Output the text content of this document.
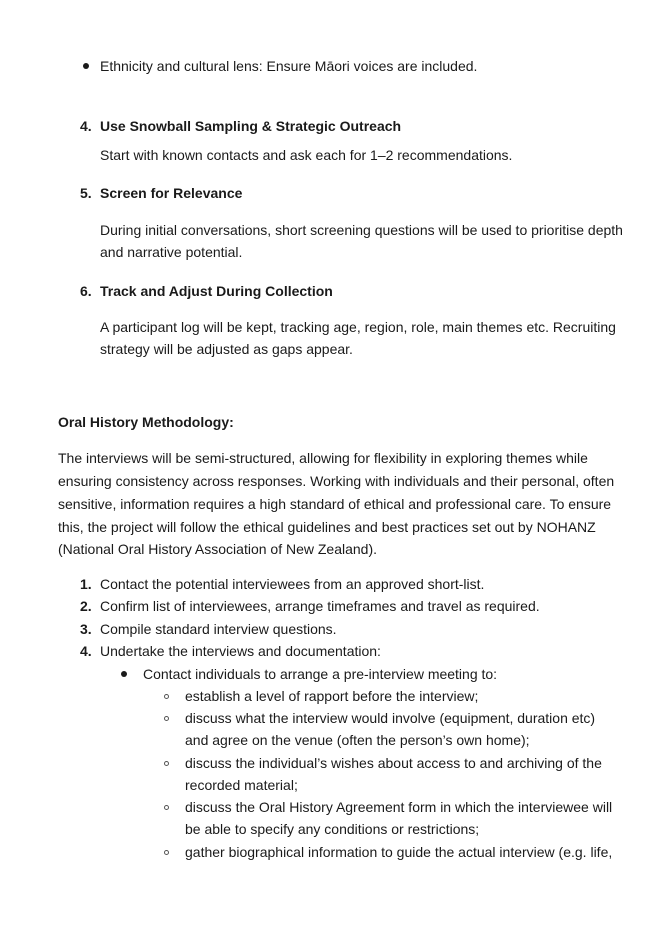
Ethnicity and cultural lens: Ensure Māori voices are included.
4. Use Snowball Sampling & Strategic Outreach
Start with known contacts and ask each for 1–2 recommendations.
5. Screen for Relevance
During initial conversations, short screening questions will be used to prioritise depth
and narrative potential.
6. Track and Adjust During Collection
A participant log will be kept, tracking age, region, role, main themes etc. Recruiting
strategy will be adjusted as gaps appear.
Oral History Methodology:
The interviews will be semi-structured, allowing for flexibility in exploring themes while
ensuring consistency across responses. Working with individuals and their personal, often
sensitive, information requires a high standard of ethical and professional care. To ensure
this, the project will follow the ethical guidelines and best practices set out by NOHANZ
(National Oral History Association of New Zealand).
1. Contact the potential interviewees from an approved short-list.
2. Confirm list of interviewees, arrange timeframes and travel as required.
3. Compile standard interview questions.
4. Undertake the interviews and documentation:
Contact individuals to arrange a pre-interview meeting to:
establish a level of rapport before the interview;
discuss what the interview would involve (equipment, duration etc)
and agree on the venue (often the person’s own home);
discuss the individual’s wishes about access to and archiving of the
recorded material;
discuss the Oral History Agreement form in which the interviewee will
be able to specify any conditions or restrictions;
gather biographical information to guide the actual interview (e.g. life,
